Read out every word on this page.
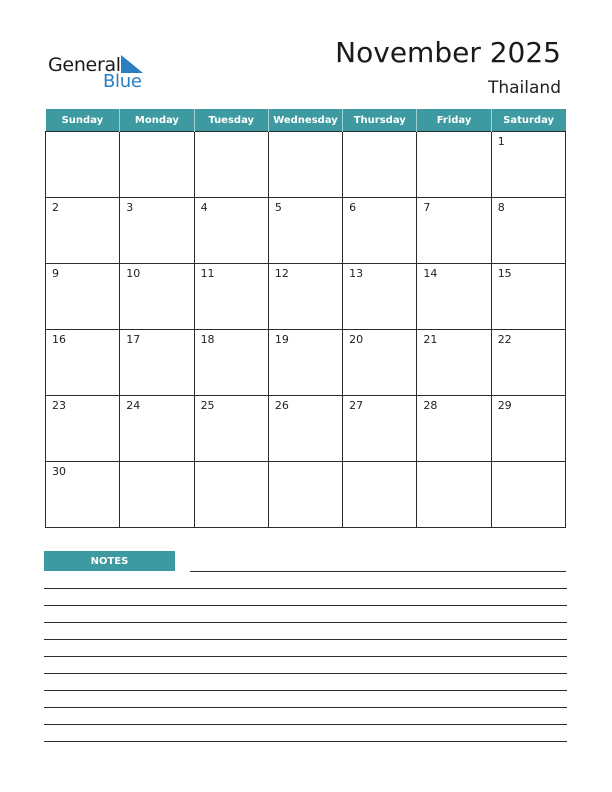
General
Blue
November 2025
Thailand
Sunday	Monday	Tuesday	Wednesday	Thursday	Friday	Saturday

						1

2	3	4	5	6	7	8

9	10	11	12	13	14	15

16	17	18	19	20	21	22

23	24	25	26	27	28	29

30						

NOTES
